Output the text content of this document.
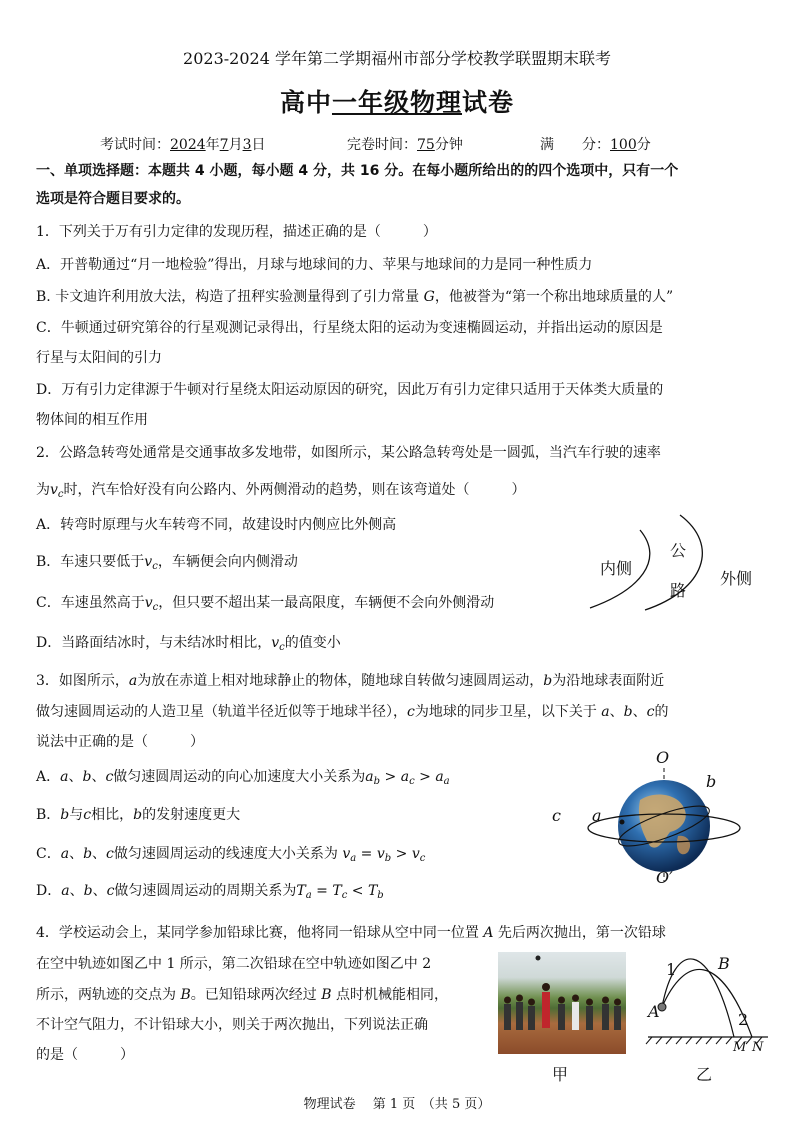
2023-2024 学年第二学期福州市部分学校教学联盟期末联考
高中一年级物理试卷
考试时间：2024年7月3日	完卷时间：75分钟	满　　分：100分
一、单项选择题：本题共 4 小题，每小题 4 分，共 16 分。在每小题所给出的的四个选项中，只有一个
选项是符合题目要求的。
1．下列关于万有引力定律的发现历程，描述正确的是（　　　）
A．开普勒通过“月一地检验”得出，月球与地球间的力、苹果与地球间的力是同一种性质力
B. 卡文迪许利用放大法，构造了扭秤实验测量得到了引力常量 G，他被誉为“第一个称出地球质量的人”
C．牛顿通过研究第谷的行星观测记录得出，行星绕太阳的运动为变速椭圆运动，并指出运动的原因是
行星与太阳间的引力
D．万有引力定律源于牛顿对行星绕太阳运动原因的研究，因此万有引力定律只适用于天体类大质量的
物体间的相互作用
2．公路急转弯处通常是交通事故多发地带，如图所示，某公路急转弯处是一圆弧，当汽车行驶的速率
为$v_c$时，汽车恰好没有向公路内、外两侧滑动的趋势，则在该弯道处（　　　）
A．转弯时原理与火车转弯不同，故建设时内侧应比外侧高
B．车速只要低于$v_c$，车辆便会向内侧滑动
C．车速虽然高于$v_c$，但只要不超出某一最高限度，车辆便不会向外侧滑动
D．当路面结冰时，与未结冰时相比，$v_c$的值变小
内侧
公
路
外侧
3．如图所示，a为放在赤道上相对地球静止的物体，随地球自转做匀速圆周运动，b为沿地球表面附近
做匀速圆周运动的人造卫星（轨道半径近似等于地球半径），c为地球的同步卫星，以下关于 a、b、c的
说法中正确的是（　　　）
A．a、b、c做匀速圆周运动的向心加速度大小关系为$a_b > a_c > a_a$
B．b与c相比，b的发射速度更大
C．a、b、c做匀速圆周运动的线速度大小关系为 $v_a = v_b > v_c$
D．a、b、c做匀速圆周运动的周期关系为$T_a = T_c < T_b$
O
O′
b
c a
4．学校运动会上，某同学参加铅球比赛，他将同一铅球从空中同一位置 A 先后两次抛出，第一次铅球
在空中轨迹如图乙中 1 所示，第二次铅球在空中轨迹如图乙中 2
所示，两轨迹的交点为 B。已知铅球两次经过 B 点时机械能相同，
不计空气阻力，不计铅球大小，则关于两次抛出，下列说法正确
的是（　　　）
甲
1
2
A
B
M N
乙
物理试卷　 第 1 页　（共 5 页）
